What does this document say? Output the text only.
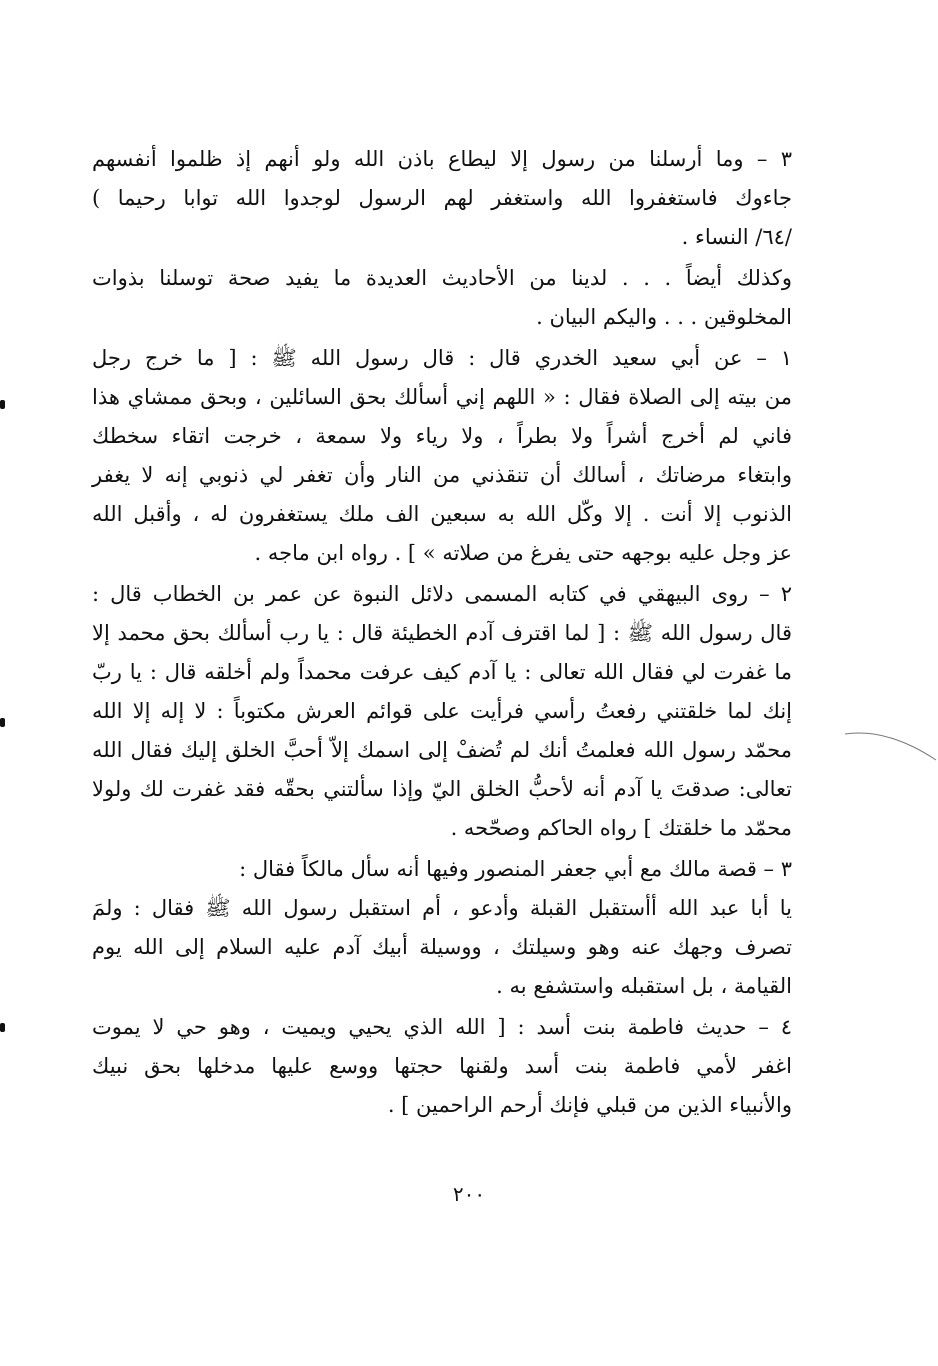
٣ – وما أرسلنا من رسول إلا ليطاع باذن الله ولو أنهم إذ ظلموا أنفسهم
جاءوك فاستغفروا الله واستغفر لهم الرسول لوجدوا الله توابا رحيما )
/٦٤/ النساء .
وكذلك أيضاً . . . لدينا من الأحاديث العديدة ما يفيد صحة توسلنا بذوات
المخلوقين . . . واليكم البيان .
١ – عن أبي سعيد الخدري قال : قال رسول الله ﷺ : [ ما خرج رجل
من بيته إلى الصلاة فقال : « اللهم إني أسألك بحق السائلين ، وبحق ممشاي هذا
فاني لم أخرج أشراً ولا بطراً ، ولا رياء ولا سمعة ، خرجت اتقاء سخطك
وابتغاء مرضاتك ، أسالك أن تنقذني من النار وأن تغفر لي ذنوبي إنه لا يغفر
الذنوب إلا أنت . إلا وكّل الله به سبعين الف ملك يستغفرون له ، وأقبل الله
عز وجل عليه بوجهه حتى يفرغ من صلاته » ] . رواه ابن ماجه .
٢ – روى البيهقي في كتابه المسمى دلائل النبوة عن عمر بن الخطاب قال :
قال رسول الله ﷺ : [ لما اقترف آدم الخطيئة قال : يا رب أسألك بحق محمد إلا
ما غفرت لي فقال الله تعالى : يا آدم كيف عرفت محمداً ولم أخلقه قال : يا ربّ
إنك لما خلقتني رفعتُ رأسي فرأيت على قوائم العرش مكتوباً : لا إله إلا الله
محمّد رسول الله فعلمتُ أنك لم تُضفْ إلى اسمك إلاّ أحبَّ الخلق إليك فقال الله
تعالى: صدقتَ يا آدم أنه لأحبُّ الخلق اليّ وإذا سألتني بحقّه فقد غفرت لك ولولا
محمّد ما خلقتك ] رواه الحاكم وصحّحه .
٣ – قصة مالك مع أبي جعفر المنصور وفيها أنه سأل مالكاً فقال :
يا أبا عبد الله أأستقبل القبلة وأدعو ، أم استقبل رسول الله ﷺ فقال : ولمَ
تصرف وجهك عنه وهو وسيلتك ، ووسيلة أبيك آدم عليه السلام إلى الله يوم
القيامة ، بل استقبله واستشفع به .
٤ – حديث فاطمة بنت أسد : [ الله الذي يحيي ويميت ، وهو حي لا يموت
اغفر لأمي فاطمة بنت أسد ولقنها حجتها ووسع عليها مدخلها بحق نبيك
والأنبياء الذين من قبلي فإنك أرحم الراحمين ] .
٢٠٠
